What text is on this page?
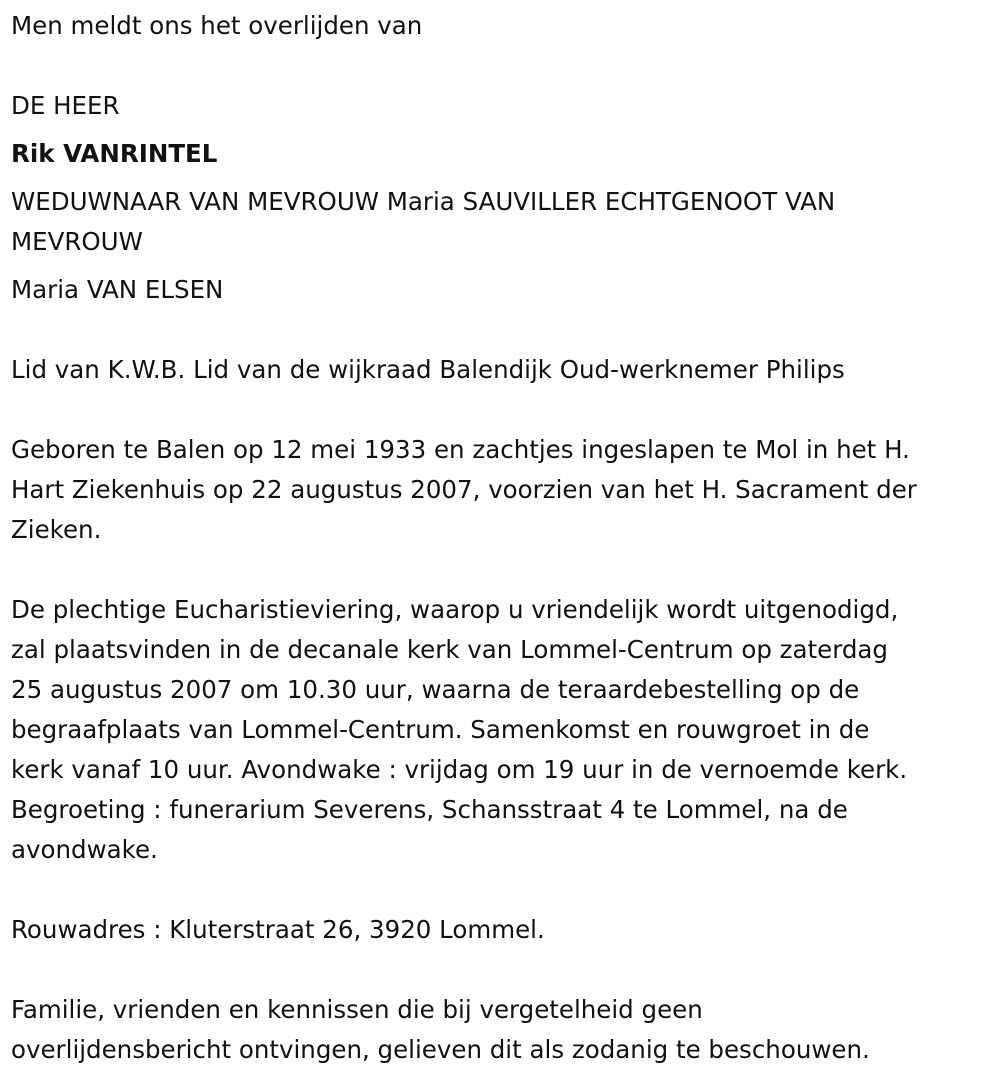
Men meldt ons het overlijden van
DE HEER
Rik VANRINTEL
WEDUWNAAR VAN MEVROUW Maria SAUVILLER ECHTGENOOT VAN
MEVROUW
Maria VAN ELSEN
Lid van K.W.B. Lid van de wijkraad Balendijk Oud-werknemer Philips
Geboren te Balen op 12 mei 1933 en zachtjes ingeslapen te Mol in het H.
Hart Ziekenhuis op 22 augustus 2007, voorzien van het H. Sacrament der
Zieken.
De plechtige Eucharistieviering, waarop u vriendelijk wordt uitgenodigd,
zal plaatsvinden in de decanale kerk van Lommel-Centrum op zaterdag
25 augustus 2007 om 10.30 uur, waarna de teraardebestelling op de
begraafplaats van Lommel-Centrum. Samenkomst en rouwgroet in de
kerk vanaf 10 uur. Avondwake : vrijdag om 19 uur in de vernoemde kerk.
Begroeting : funerarium Severens, Schansstraat 4 te Lommel, na de
avondwake.
Rouwadres : Kluterstraat 26, 3920 Lommel.
Familie, vrienden en kennissen die bij vergetelheid geen
overlijdensbericht ontvingen, gelieven dit als zodanig te beschouwen.
